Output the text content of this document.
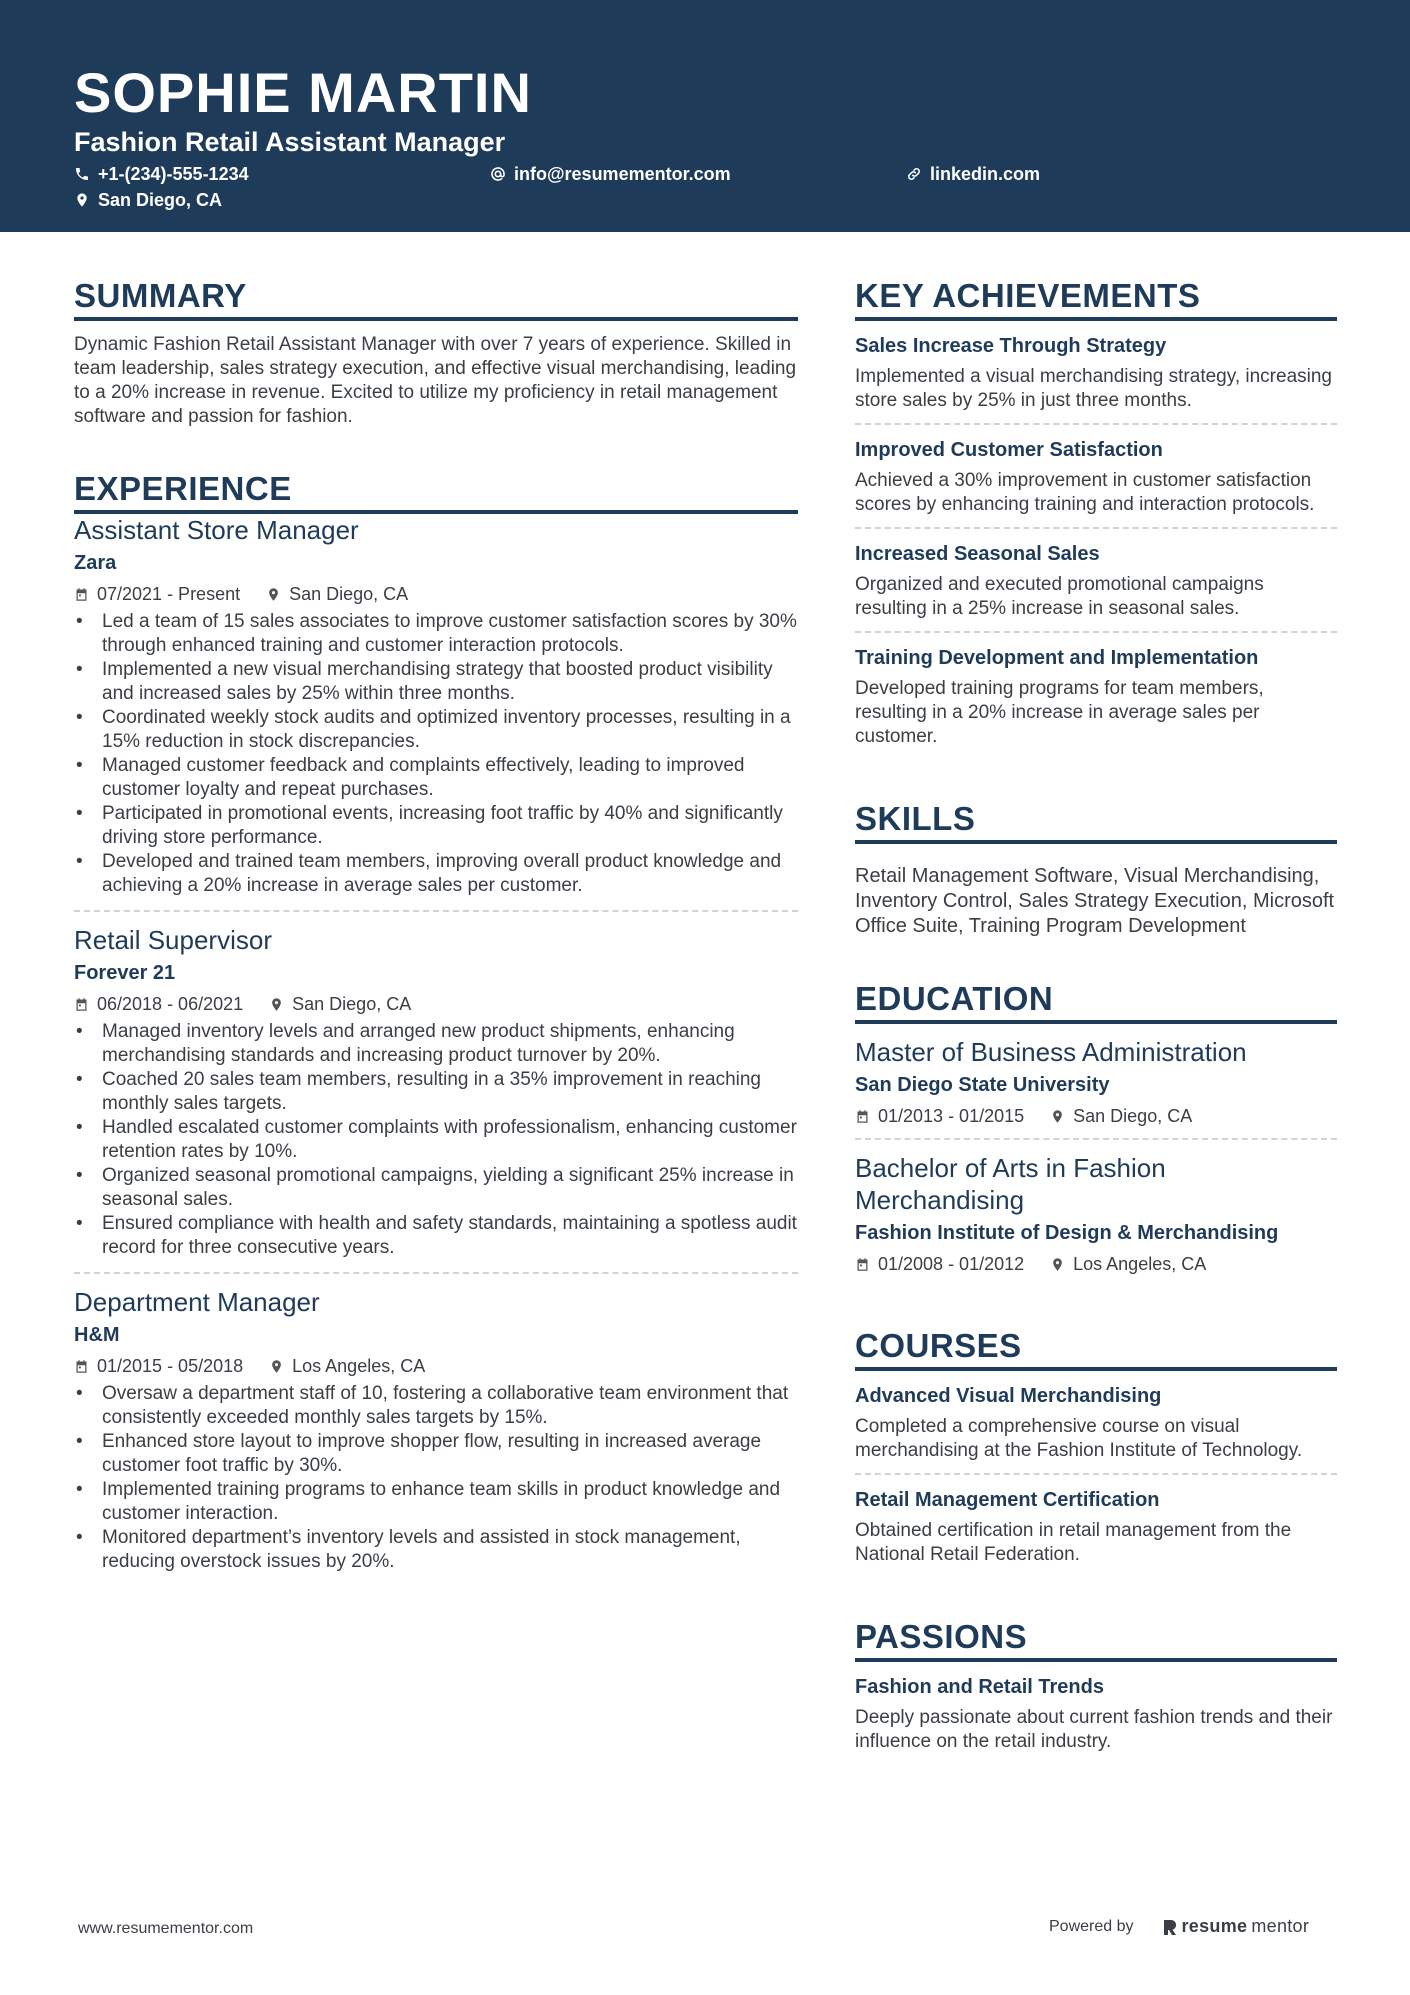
SOPHIE MARTIN
Fashion Retail Assistant Manager
+1-(234)-555-1234	info@resumementor.com	linkedin.com
San Diego, CA
SUMMARY
Dynamic Fashion Retail Assistant Manager with over 7 years of experience. Skilled in team leadership, sales strategy execution, and effective visual merchandising, leading to a 20% increase in revenue. Excited to utilize my proficiency in retail management software and passion for fashion.
EXPERIENCE
Assistant Store Manager
Zara
07/2021 - Present	San Diego, CA
• Led a team of 15 sales associates to improve customer satisfaction scores by 30% through enhanced training and customer interaction protocols.
• Implemented a new visual merchandising strategy that boosted product visibility and increased sales by 25% within three months.
• Coordinated weekly stock audits and optimized inventory processes, resulting in a 15% reduction in stock discrepancies.
• Managed customer feedback and complaints effectively, leading to improved customer loyalty and repeat purchases.
• Participated in promotional events, increasing foot traffic by 40% and significantly driving store performance.
• Developed and trained team members, improving overall product knowledge and achieving a 20% increase in average sales per customer.
Retail Supervisor
Forever 21
06/2018 - 06/2021	San Diego, CA
• Managed inventory levels and arranged new product shipments, enhancing merchandising standards and increasing product turnover by 20%.
• Coached 20 sales team members, resulting in a 35% improvement in reaching monthly sales targets.
• Handled escalated customer complaints with professionalism, enhancing customer retention rates by 10%.
• Organized seasonal promotional campaigns, yielding a significant 25% increase in seasonal sales.
• Ensured compliance with health and safety standards, maintaining a spotless audit record for three consecutive years.
Department Manager
H&M
01/2015 - 05/2018	Los Angeles, CA
• Oversaw a department staff of 10, fostering a collaborative team environment that consistently exceeded monthly sales targets by 15%.
• Enhanced store layout to improve shopper flow, resulting in increased average customer foot traffic by 30%.
• Implemented training programs to enhance team skills in product knowledge and customer interaction.
• Monitored department’s inventory levels and assisted in stock management, reducing overstock issues by 20%.
KEY ACHIEVEMENTS
Sales Increase Through Strategy
Implemented a visual merchandising strategy, increasing store sales by 25% in just three months.
Improved Customer Satisfaction
Achieved a 30% improvement in customer satisfaction scores by enhancing training and interaction protocols.
Increased Seasonal Sales
Organized and executed promotional campaigns resulting in a 25% increase in seasonal sales.
Training Development and Implementation
Developed training programs for team members, resulting in a 20% increase in average sales per customer.
SKILLS
Retail Management Software, Visual Merchandising, Inventory Control, Sales Strategy Execution, Microsoft Office Suite, Training Program Development
EDUCATION
Master of Business Administration
San Diego State University
01/2013 - 01/2015	San Diego, CA
Bachelor of Arts in Fashion Merchandising
Fashion Institute of Design & Merchandising
01/2008 - 01/2012	Los Angeles, CA
COURSES
Advanced Visual Merchandising
Completed a comprehensive course on visual merchandising at the Fashion Institute of Technology.
Retail Management Certification
Obtained certification in retail management from the National Retail Federation.
PASSIONS
Fashion and Retail Trends
Deeply passionate about current fashion trends and their influence on the retail industry.
www.resumementor.com	Powered by	resume mentor
